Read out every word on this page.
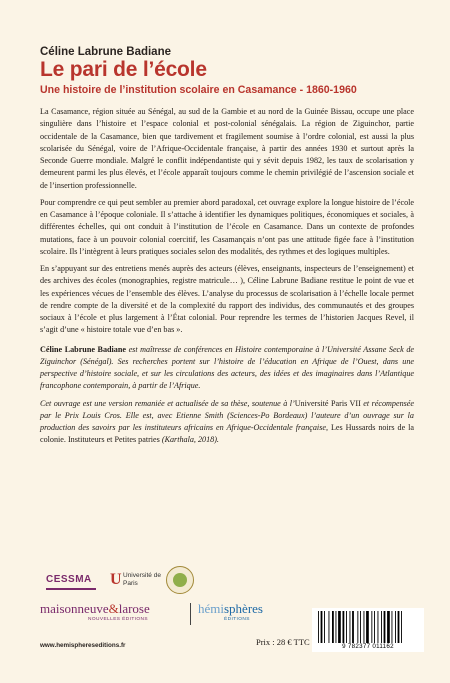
Céline Labrune Badiane
Le pari de l’école
Une histoire de l’institution scolaire en Casamance - 1860-1960

La Casamance, région située au Sénégal, au sud de la Gambie et au nord de la Guinée Bissau, occupe une place singulière dans l’histoire et l’espace colonial et post-colonial sénégalais. La région de Ziguinchor, partie occidentale de la Casamance, bien que tardivement et fragilement soumise à l’ordre colonial, est aussi la plus scolarisée du Sénégal, voire de l’Afrique-Occidentale française, à partir des années 1930 et surtout après la Seconde Guerre mondiale. Malgré le conflit indépendantiste qui y sévit depuis 1982, les taux de scolarisation y demeurent parmi les plus élevés, et l’école apparaît toujours comme le chemin privilégié de l’ascension sociale et de l’insertion professionnelle.

Pour comprendre ce qui peut sembler au premier abord paradoxal, cet ouvrage explore la longue histoire de l’école en Casamance à l’époque coloniale. Il s’attache à identifier les dynamiques politiques, économiques et sociales, à différentes échelles, qui ont conduit à l’institution de l’école en Casamance. Dans un contexte de profondes mutations, face à un pouvoir colonial coercitif, les Casamançais n’ont pas une attitude figée face à l’institution scolaire. Ils l’intègrent à leurs pratiques sociales selon des modalités, des rythmes et des logiques multiples.

En s’appuyant sur des entretiens menés auprès des acteurs (élèves, enseignants, inspecteurs de l’enseignement) et des archives des écoles (monographies, registre matricule… ), Céline Labrune Badiane restitue le point de vue et les expériences vécues de l’ensemble des élèves. L’analyse du processus de scolarisation à l’échelle locale permet de rendre compte de la diversité et de la complexité du rapport des individus, des communautés et des groupes sociaux à l’école et plus largement à l’État colonial. Pour reprendre les termes de l’historien Jacques Revel, il s’agit d’une « histoire totale vue d’en bas ».

Céline Labrune Badiane est maîtresse de conférences en Histoire contemporaine à l’Université Assane Seck de Ziguinchor (Sénégal). Ses recherches portent sur l’histoire de l’éducation en Afrique de l’Ouest, dans une perspective d’histoire sociale, et sur les circulations des acteurs, des idées et des imaginaires dans l’Atlantique francophone contemporain, à partir de l’Afrique.

Cet ouvrage est une version remaniée et actualisée de sa thèse, soutenue à l’Université Paris VII et récompensée par le Prix Louis Cros. Elle est, avec Etienne Smith (Sciences-Po Bordeaux) l’auteure d’un ouvrage sur la production des savoirs par les instituteurs africains en Afrique-Occidentale française, Les Hussards noirs de la colonie. Instituteurs et Petites patries (Karthala, 2018).

CESSMA U Université de Paris
maisonneuve&larose
NOUVELLES ÉDITIONS
hémisphères
ÉDITIONS
www.hemisphereseditions.fr	Prix : 28 € TTC	9 782377 011162
